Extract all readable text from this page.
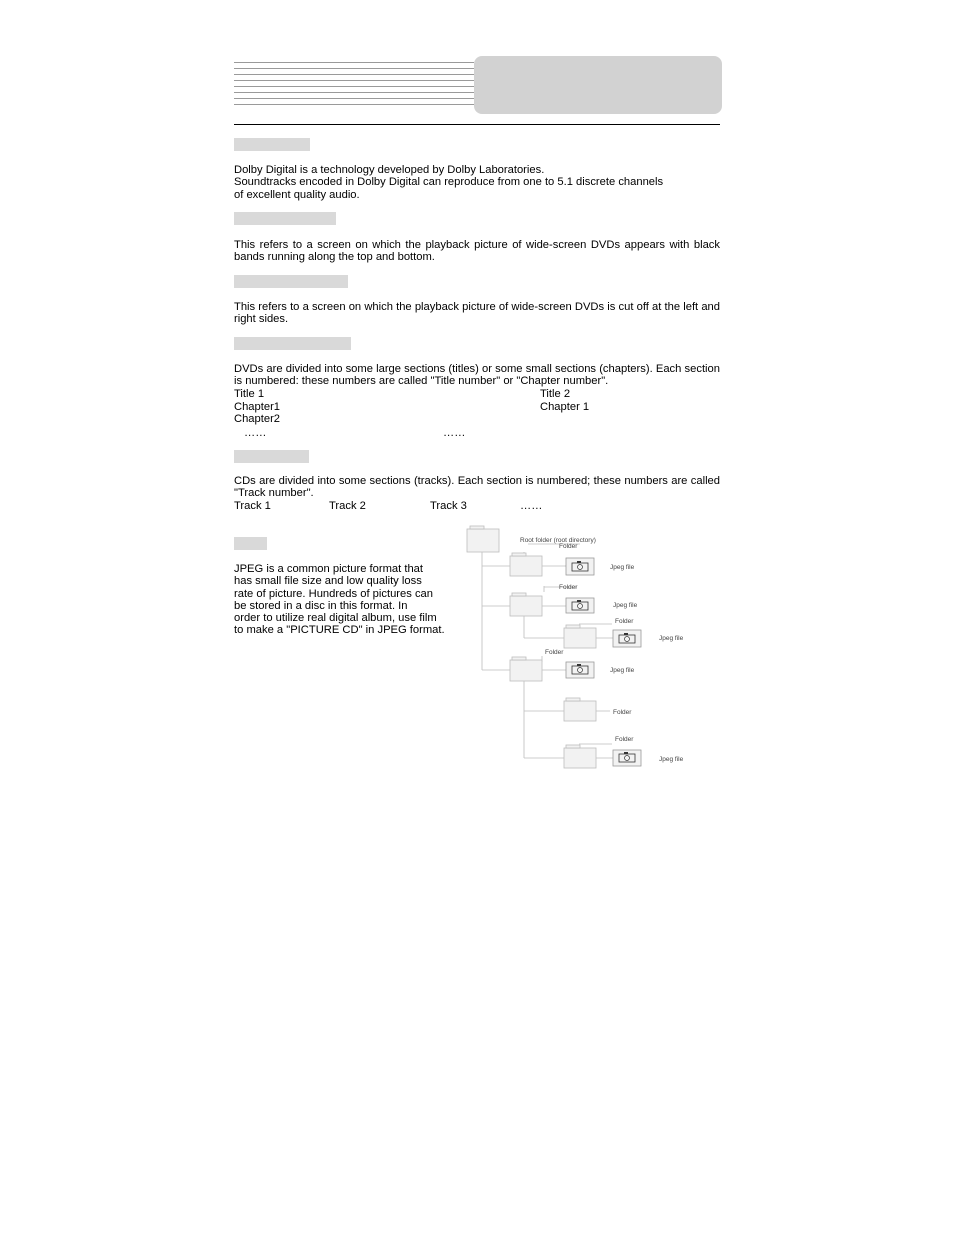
Dolby Digital is a technology developed by Dolby Laboratories.
Soundtracks encoded in Dolby Digital can reproduce from one to 5.1 discrete channels
of excellent quality audio.
This refers to a screen on which the playback picture of wide-screen DVDs appears with black bands running along the top and bottom.
This refers to a screen on which the playback picture of wide-screen DVDs is cut off at the left and right sides.
DVDs are divided into some large sections (titles) or some small sections (chapters). Each section is numbered: these numbers are called "Title number" or "Chapter number".
Title 1	Title 2
Chapter1	Chapter 1
Chapter2
……	……
CDs are divided into some sections (tracks). Each section is numbered; these numbers are called "Track number".
Track 1	Track 2	Track 3	……
JPEG is a common picture format that
has small file size and low quality loss
rate of picture. Hundreds of pictures can
be stored in a disc in this format. In
order to utilize real digital album, use film
to make a "PICTURE CD" in JPEG format.
Root folder (root directory)
Folder
Jpeg file
Folder
Jpeg file
Folder
Jpeg file
Folder
Jpeg file
Folder
Folder
Jpeg file
